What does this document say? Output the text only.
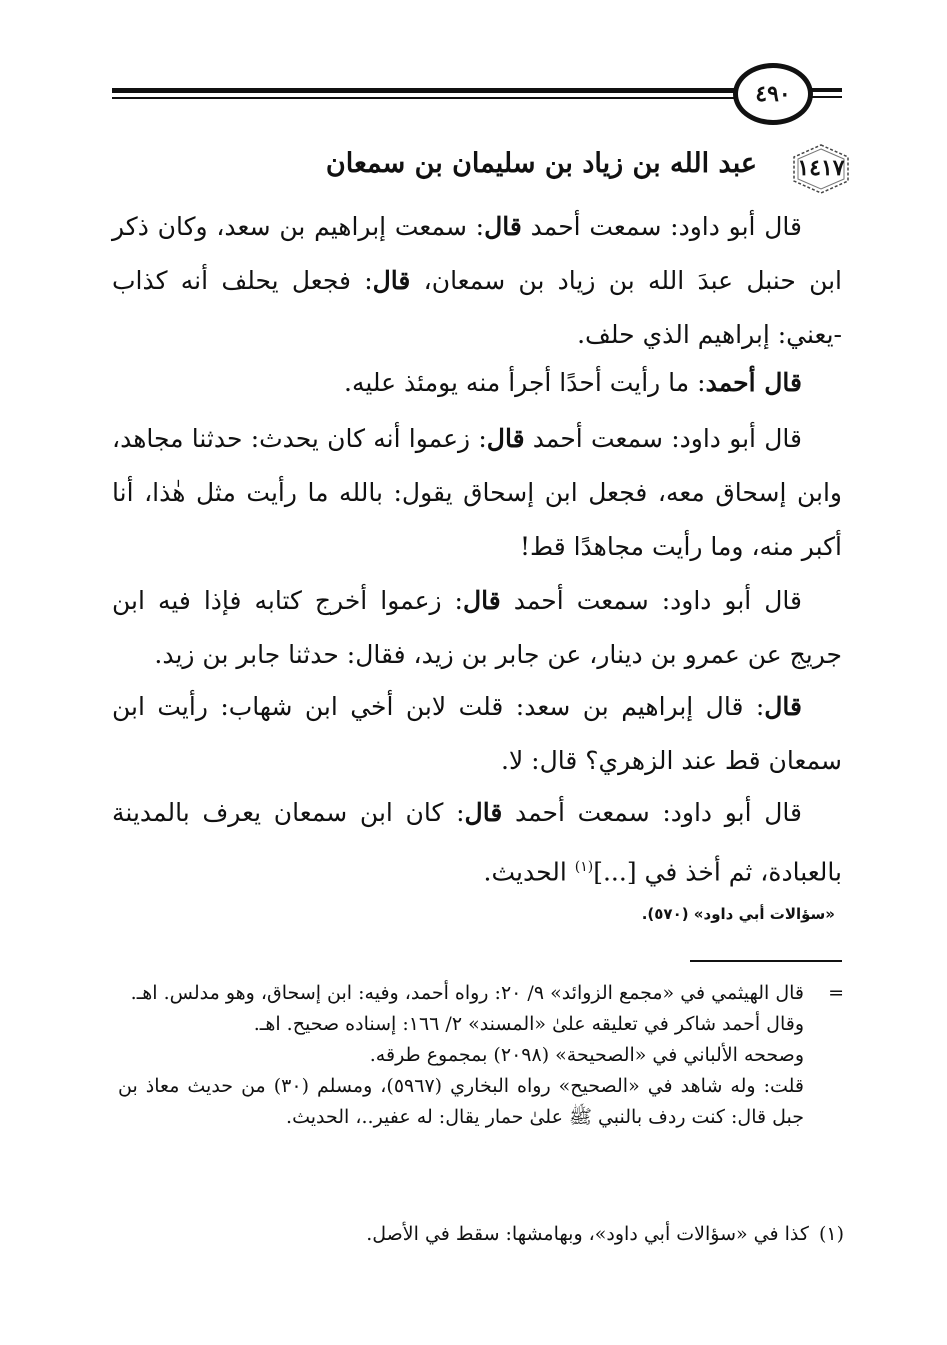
٤٩٠
١٤١٧
عبد الله بن زياد بن سليمان بن سمعان

قال أبو داود: سمعت أحمد قال: سمعت إبراهيم بن سعد، وكان ذكر ابن حنبل عبدَ الله بن زياد بن سمعان، قال: فجعل يحلف أنه كذاب -يعني: إبراهيم الذي حلف.

قال أحمد: ما رأيت أحدًا أجرأ منه يومئذ عليه.

قال أبو داود: سمعت أحمد قال: زعموا أنه كان يحدث: حدثنا مجاهد، وابن إسحاق معه، فجعل ابن إسحاق يقول: بالله ما رأيت مثل هٰذا، أنا أكبر منه، وما رأيت مجاهدًا قط!

قال أبو داود: سمعت أحمد قال: زعموا أخرج كتابه فإذا فيه ابن جريج عن عمرو بن دينار، عن جابر بن زيد، فقال: حدثنا جابر بن زيد.

قال: قال إبراهيم بن سعد: قلت لابن أخي ابن شهاب: رأيت ابن سمعان قط عند الزهري؟ قال: لا.

قال أبو داود: سمعت أحمد قال: كان ابن سمعان يعرف بالمدينة بالعبادة، ثم أخذ في [...]$^{(١)}$ الحديث.

«سؤالات أبي داود» (٥٧٠).
=

قال الهيثمي في «مجمع الزوائد» ٩/ ٢٠: رواه أحمد، وفيه: ابن إسحاق، وهو مدلس. اهـ.

وقال أحمد شاكر في تعليقه علىٰ «المسند» ٢/ ١٦٦: إسناده صحيح. اهـ.

وصححه الألباني في «الصحيحة» (٢٠٩٨) بمجموع طرقه.

قلت: وله شاهد في «الصحيح» رواه البخاري (٥٩٦٧)، ومسلم (٣٠) من حديث معاذ بن جبل قال: كنت ردف بالنبي ﷺ علىٰ حمار يقال: له عفير..، الحديث.

(١)كذا في «سؤالات أبي داود»، وبهامشها: سقط في الأصل.
